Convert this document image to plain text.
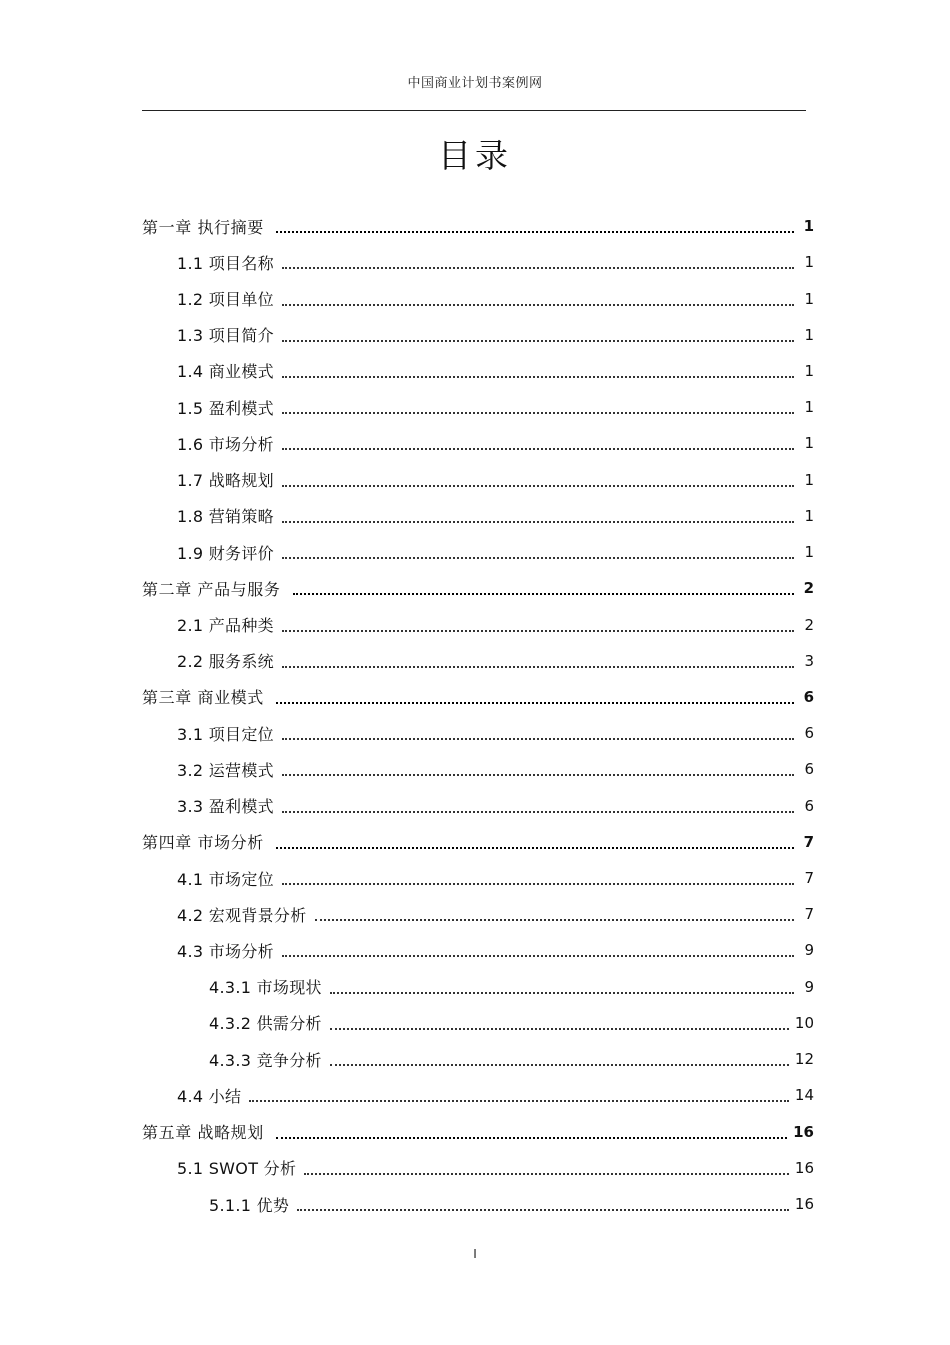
中国商业计划书案例网
目录
第一章 执行摘要	1
1.1 项目名称	1
1.2 项目单位	1
1.3 项目简介	1
1.4 商业模式	1
1.5 盈利模式	1
1.6 市场分析	1
1.7 战略规划	1
1.8 营销策略	1
1.9 财务评价	1
第二章 产品与服务	2
2.1 产品种类	2
2.2 服务系统	3
第三章 商业模式	6
3.1 项目定位	6
3.2 运营模式	6
3.3 盈利模式	6
第四章 市场分析	7
4.1 市场定位	7
4.2 宏观背景分析	7
4.3 市场分析	9
4.3.1 市场现状	9
4.3.2 供需分析	10
4.3.3 竞争分析	12
4.4 小结	14
第五章 战略规划	16
5.1 SWOT 分析	16
5.1.1 优势	16
I
